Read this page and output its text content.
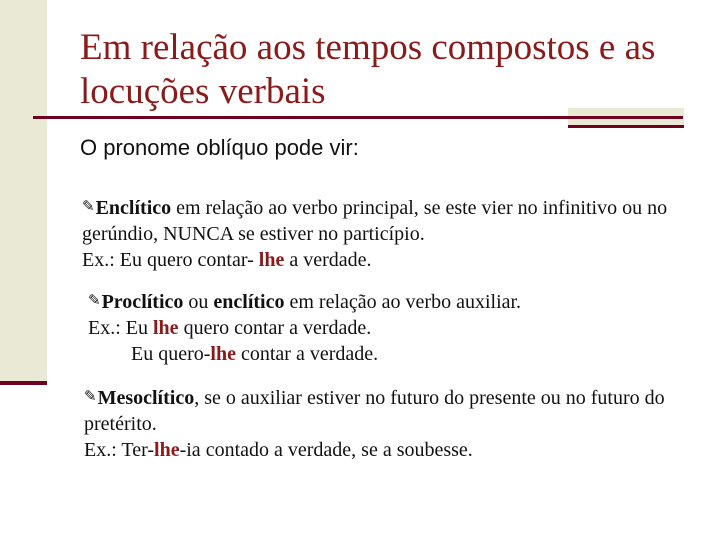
Em relação aos tempos compostos e as locuções verbais
O pronome oblíquo pode vir:
✎Enclítico em relação ao verbo principal, se este vier no infinitivo ou no gerúndio, NUNCA se estiver no particípio.
Ex.: Eu quero contar- lhe a verdade.
✎Proclítico ou enclítico em relação ao verbo auxiliar.
Ex.: Eu lhe quero contar a verdade.
Eu quero-lhe contar a verdade.
✎Mesoclítico, se o auxiliar estiver no futuro do presente ou no futuro do pretérito.
Ex.: Ter-lhe-ia contado a verdade, se a soubesse.
